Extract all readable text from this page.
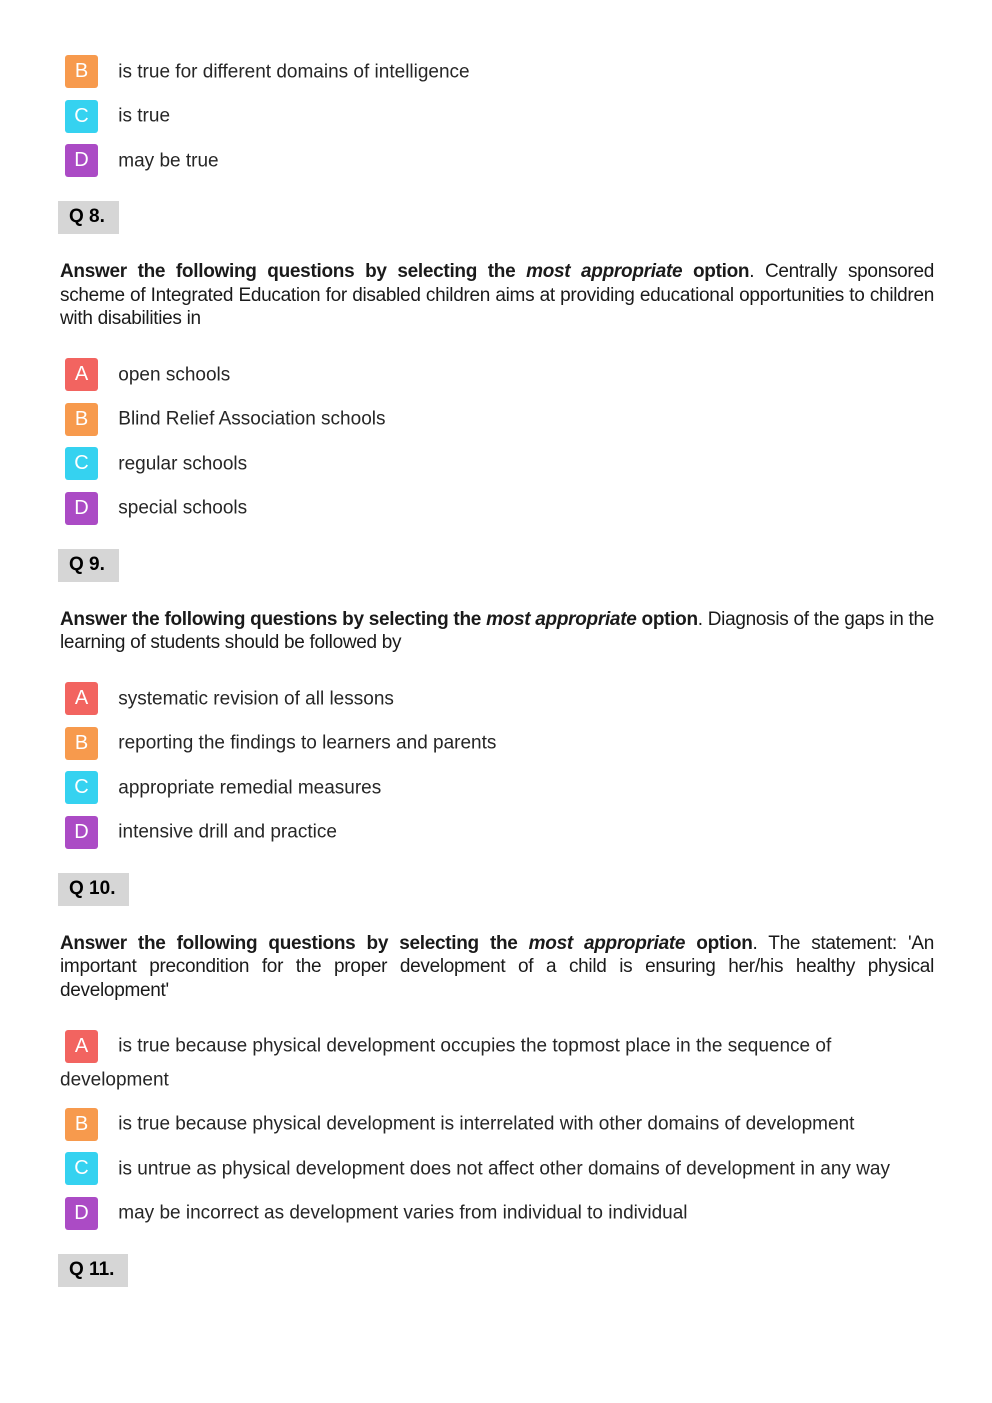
B is true for different domains of intelligence
C is true
D may be true
Q 8.

Answer the following questions by selecting the most appropriate option. Centrally sponsored scheme of Integrated Education for disabled children aims at providing educational opportunities to children with disabilities in

A open schools
B Blind Relief Association schools
C regular schools
D special schools
Q 9.

Answer the following questions by selecting the most appropriate option. Diagnosis of the gaps in the learning of students should be followed by

A systematic revision of all lessons
B reporting the findings to learners and parents
C appropriate remedial measures
D intensive drill and practice
Q 10.

Answer the following questions by selecting the most appropriate option. The statement: 'An important precondition for the proper development of a child is ensuring her/his healthy physical development'

A is true because physical development occupies the topmost place in the sequence of development
B is true because physical development is interrelated with other domains of development
C is untrue as physical development does not affect other domains of development in any way
D may be incorrect as development varies from individual to individual
Q 11.
